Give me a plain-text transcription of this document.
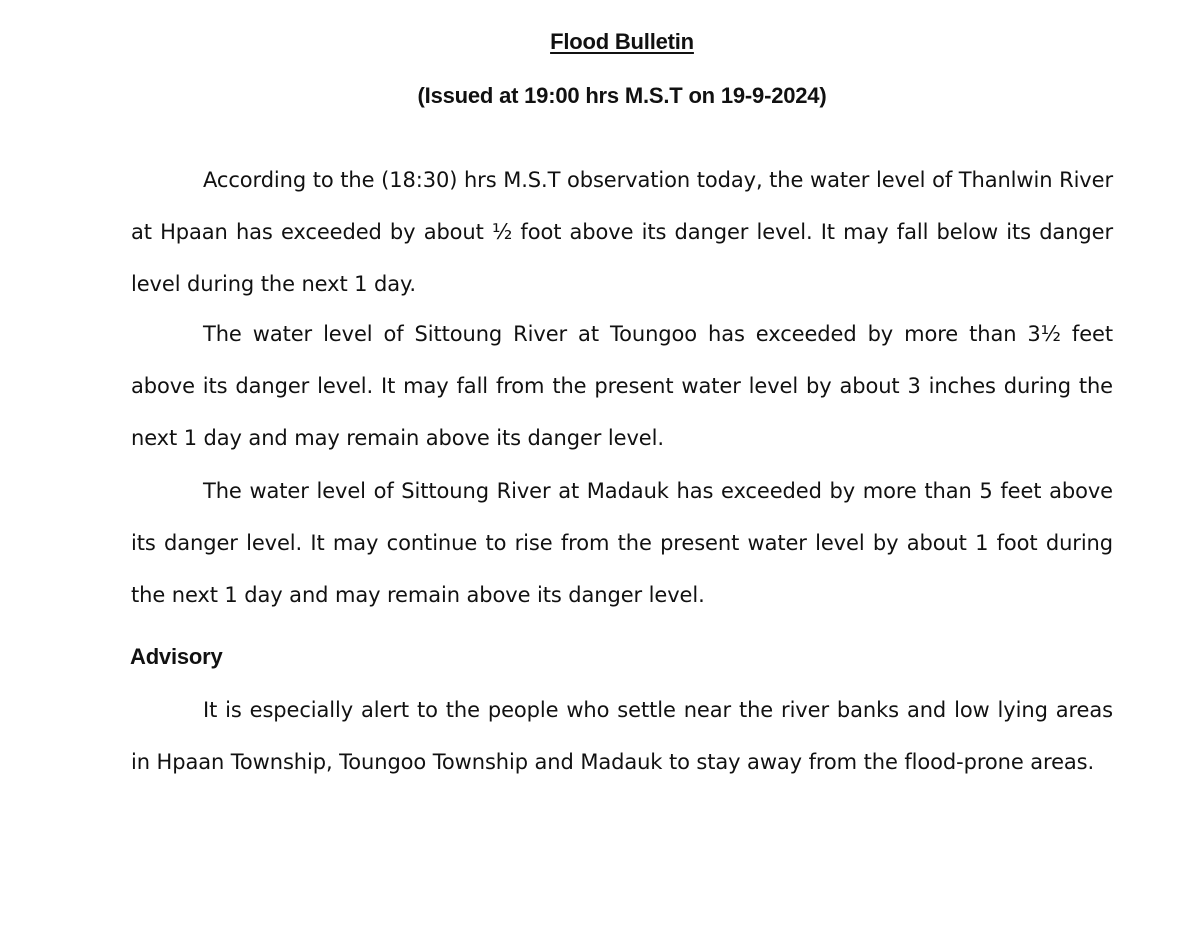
Flood Bulletin
(Issued at 19:00 hrs M.S.T on 19-9-2024)

According to the (18:30) hrs M.S.T observation today, the water level of Thanlwin River at Hpaan has exceeded by about ½ foot above its danger level. It may fall below its danger level during the next 1 day.

The water level of Sittoung River at Toungoo has exceeded by more than 3½ feet above its danger level. It may fall from the present water level by about 3 inches during the next 1 day and may remain above its danger level.

The water level of Sittoung River at Madauk has exceeded by more than 5 feet above its danger level. It may continue to rise from the present water level by about 1 foot during the next 1 day and may remain above its danger level.

Advisory

It is especially alert to the people who settle near the river banks and low lying areas in Hpaan Township, Toungoo Township and Madauk to stay away from the flood-prone areas.
